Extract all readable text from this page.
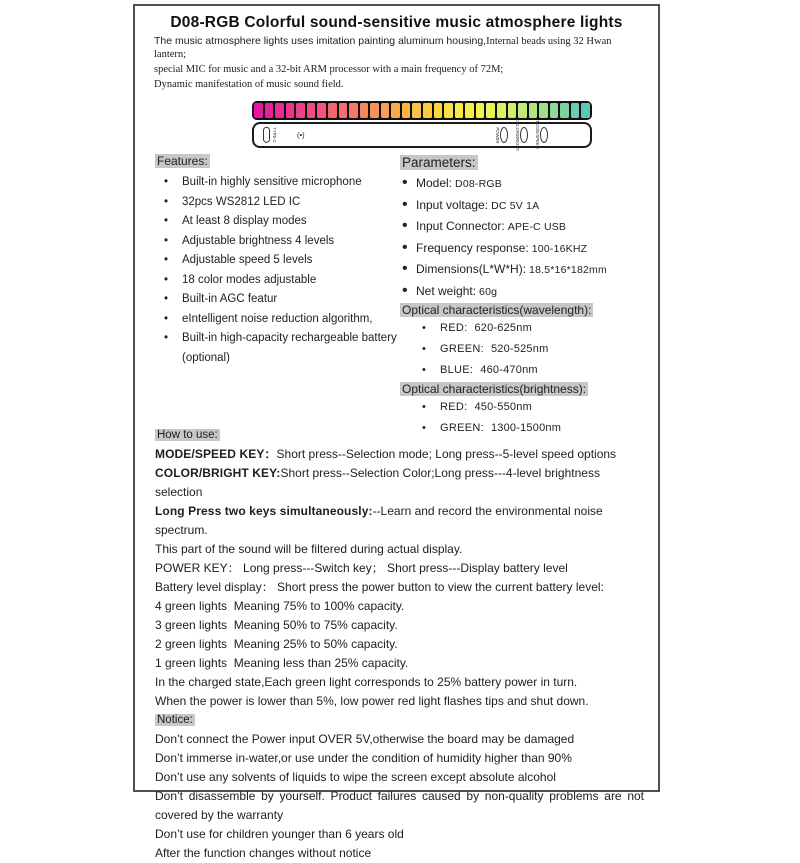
D08-RGB Colorful sound-sensitive music atmosphere lights

The music atmosphere lights uses imitation painting aluminum housing,Internal beads using 32 Hwan lantern;

special MIC for music and a 32-bit ARM processor with a main frequency of 72M;

Dynamic manifestation of music sound field.

TYPE-C	(•)	POWER	COLOR/BRIGHT	MODE/SPEED
Features:
• Built-in highly sensitive microphone
• 32pcs WS2812 LED IC
• At least 8 display modes
• Adjustable brightness 4 levels
• Adjustable speed 5 levels
• 18 color modes adjustable
• Built-in AGC featur
• eIntelligent noise reduction algorithm,
• Built-in high-capacity rechargeable battery (optional)
Parameters:
• Model: D08-RGB
• Input voltage: DC 5V 1A
• Input Connector: APE-C USB
• Frequency response: 100-16KHZ
• Dimensions(L*W*H): 18.5*16*182mm
• Net weight: 60g
Optical characteristics(wavelength):
• RED: 620-625nm
• GREEN: 520-525nm
• BLUE: 460-470nm
Optical characteristics(brightness):
• RED: 450-550nm
• GREEN: 1300-1500nm

How to use:

MODE/SPEED KEY：Short press--Selection mode; Long press--5-level speed options

COLOR/BRIGHT KEY:Short press--Selection Color;Long press---4-level brightness selection

Long Press two keys simultaneously:--Learn and record the environmental noise spectrum.

This part of the sound will be filtered during actual display.

POWER KEY： Long press---Switch key； Short press---Display battery level

Battery level display： Short press the power button to view the current battery level:

4 green lights  Meaning 75% to 100% capacity.

3 green lights  Meaning 50% to 75% capacity.

2 green lights  Meaning 25% to 50% capacity.

1 green lights  Meaning less than 25% capacity.

In the charged state,Each green light corresponds to 25% battery power in turn.

When the power is lower than 5%, low power red light flashes tips and shut down.

Notice:

Don’t connect the Power input OVER 5V,otherwise the board may be damaged

Don’t immerse in-water,or use under the condition of humidity higher than 90%

Don’t use any solvents of liquids to wipe the screen except absolute alcohol

Don’t disassemble by yourself. Product failures caused by non-quality problems are not covered by the warranty

Don’t use for children younger than 6 years old

After the function changes without notice
